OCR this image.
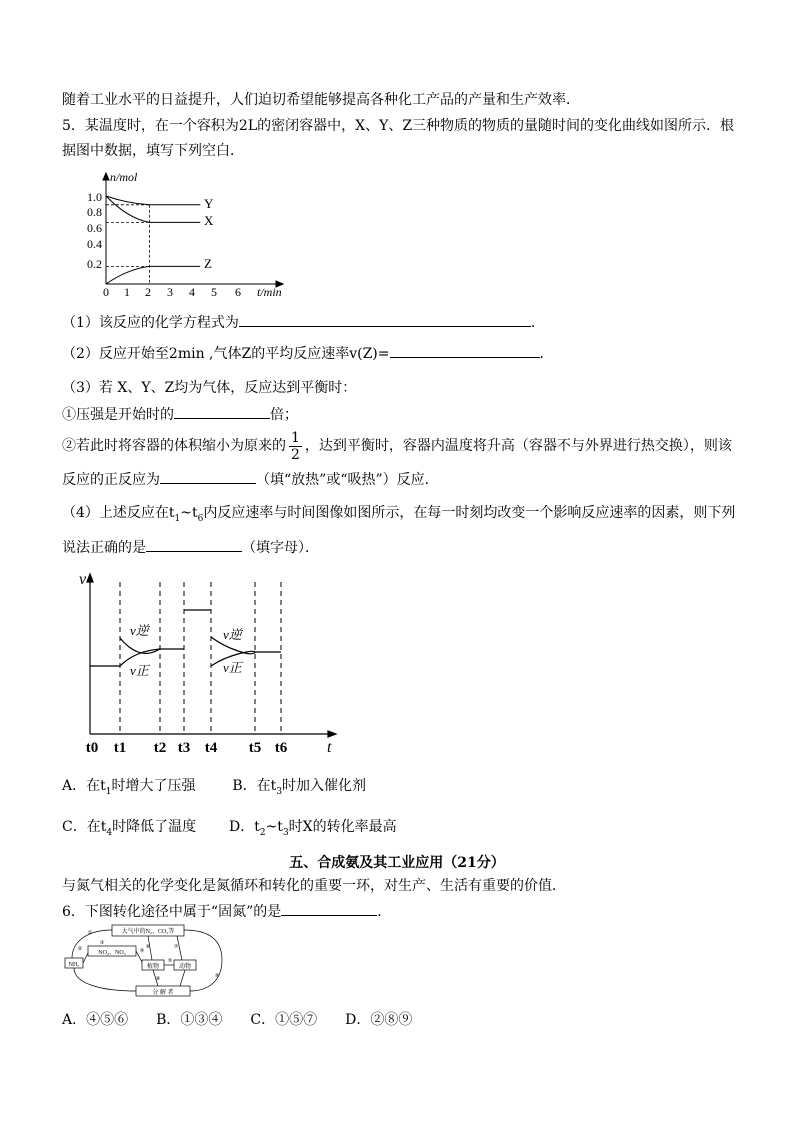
随着工业水平的日益提升，人们迫切希望能够提高各种化工产品的产量和生产效率．
5．某温度时，在一个容积为2L的密闭容器中，X、Y、Z三种物质的物质的量随时间的变化曲线如图所示．根
据图中数据，填写下列空白．
n/mol
t/min
1.0
0.8
0.6
0.4
0.2
0 1 2 3 4 5 6
Y
X
Z
（1）该反应的化学方程式为	．
（2）反应开始至2min ,气体Z的平均反应速率v(Z)=	．
（3）若 X、Y、Z均为气体，反应达到平衡时：
①压强是开始时的	倍；
②若此时将容器的体积缩小为原来的 $\frac{1}{2}$ ，达到平衡时，容器内温度将升高（容器不与外界进行热交换），则该
反应的正反应为	（填“放热”或“吸热”）反应．
（4）上述反应在$t_1\sim t_6$内反应速率与时间图像如图所示，在每一时刻均改变一个影响反应速率的因素，则下列
说法正确的是	（填字母）．
v
t
v逆
v正
v逆
v正
t0 t1 t2 t3 t4 t5 t6
A．在$t_1$时增大了压强	B．在$t_3$时加入催化剂
C．在$t_4$时降低了温度 D．$t_2\sim t_3$时X的转化率最高
五、合成氨及其工业应用（21分）
与氮气相关的化学变化是氮循环和转化的重要一环，对生产、生活有重要的价值．
6．下图转化途径中属于“固氮”的是	．
大气中的N₂、CO₂等
NO₂、NO₃
NH₃	植物	动物
分 解 者
①
②
③
④
⑤
⑥	⑦
⑧
⑨
A．④⑤⑥　　B．①③④　　C．①⑤⑦　　D．②⑧⑨
